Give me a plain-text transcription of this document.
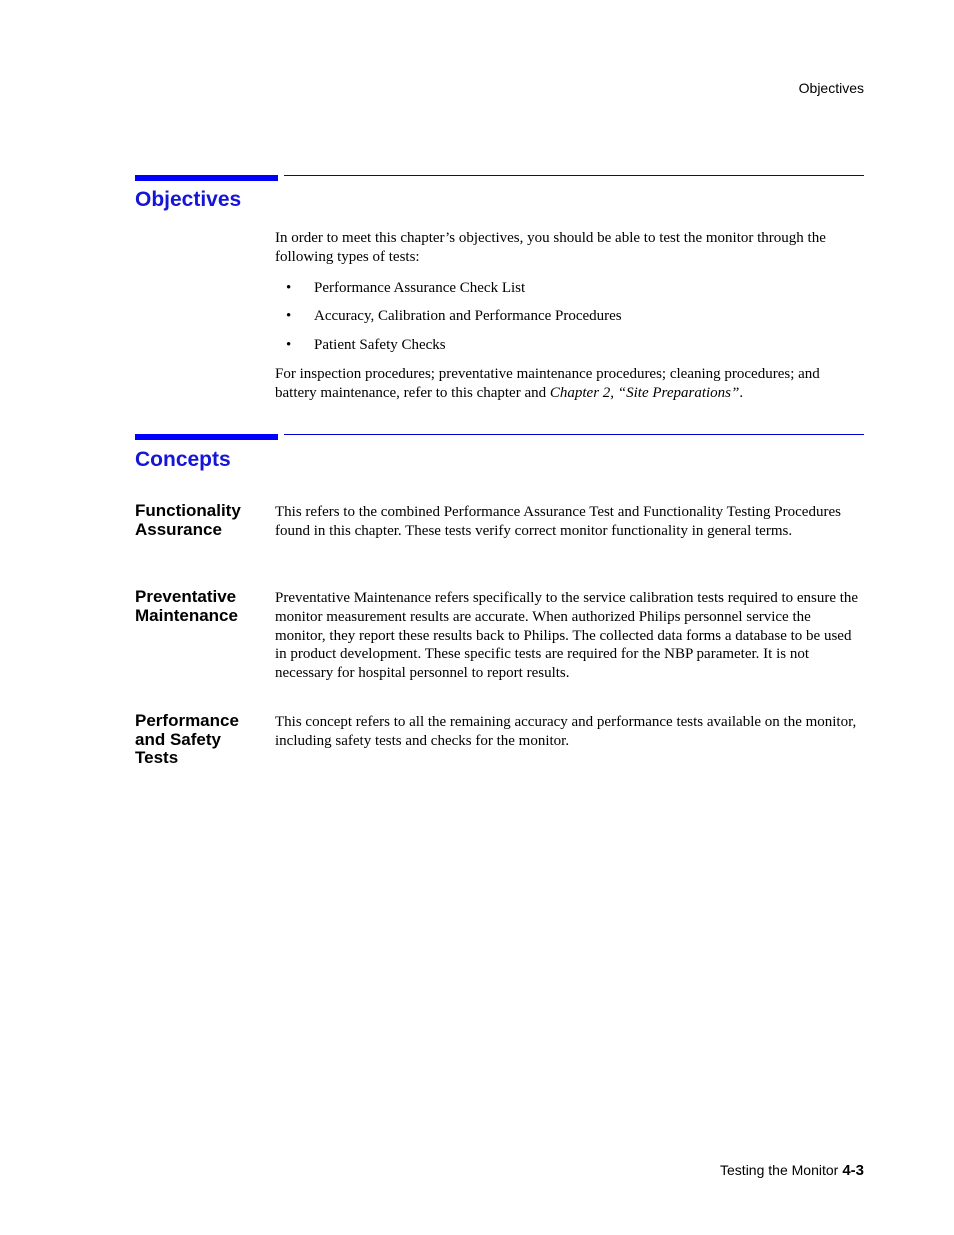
Objectives
Objectives
In order to meet this chapter’s objectives, you should be able to test the monitor through the following types of tests:
• Performance Assurance Check List
• Accuracy, Calibration and Performance Procedures
• Patient Safety Checks
For inspection procedures; preventative maintenance procedures; cleaning procedures; and battery maintenance, refer to this chapter and Chapter 2, “Site Preparations”.
Concepts
Functionality Assurance
This refers to the combined Performance Assurance Test and Functionality Testing Procedures found in this chapter. These tests verify correct monitor functionality in general terms.
Preventative Maintenance
Preventative Maintenance refers specifically to the service calibration tests required to ensure the monitor measurement results are accurate. When authorized Philips personnel service the monitor, they report these results back to Philips. The collected data forms a database to be used in product development. These specific tests are required for the NBP parameter. It is not necessary for hospital personnel to report results.
Performance and Safety Tests
This concept refers to all the remaining accuracy and performance tests available on the monitor, including safety tests and checks for the monitor.
Testing the Monitor 4-3
